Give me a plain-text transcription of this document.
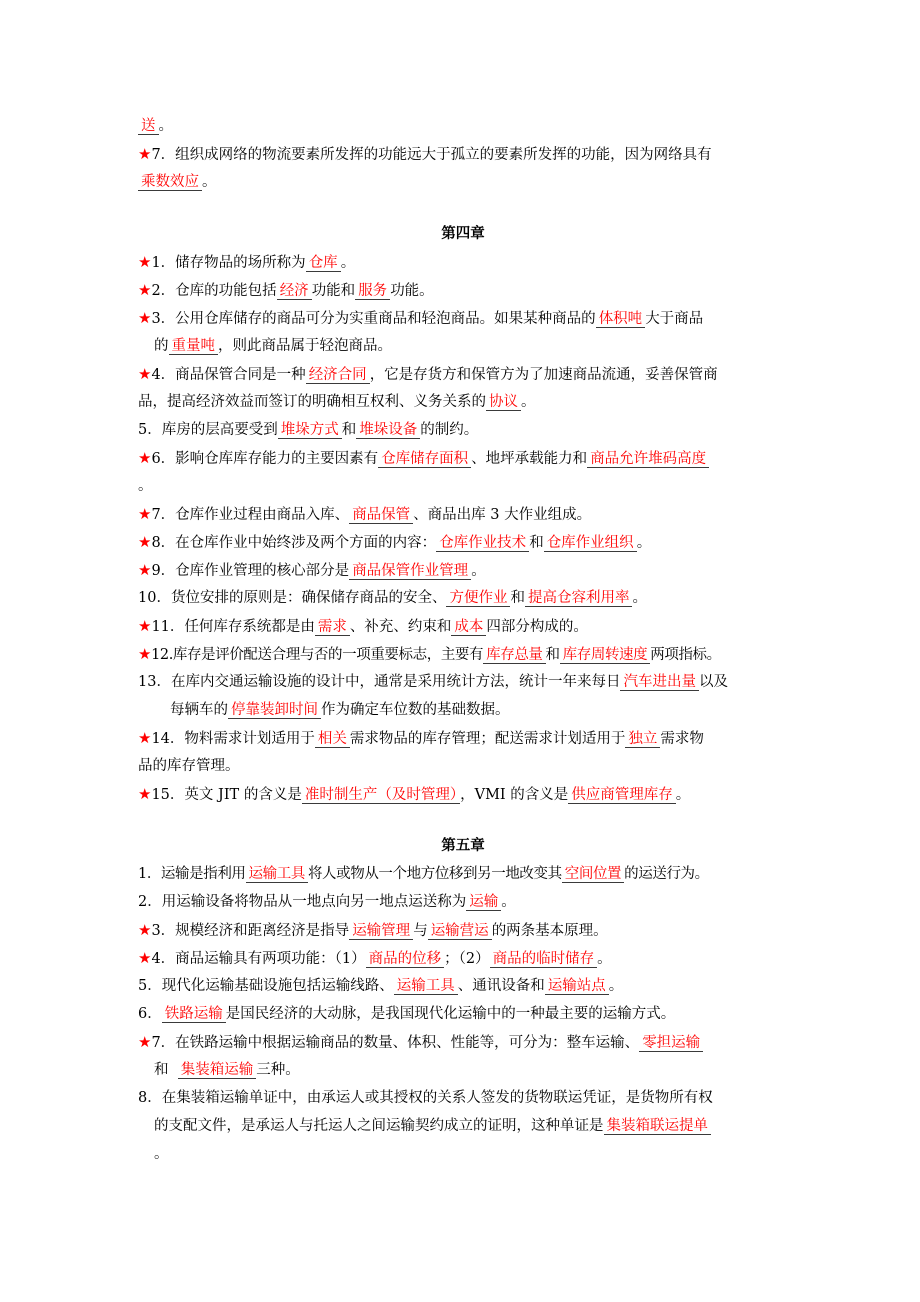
送 。
★7．组织成网络的物流要素所发挥的功能远大于孤立的要素所发挥的功能，因为网络具有
乘数效应 。
第四章
★1．储存物品的场所称为 仓库 。
★2．仓库的功能包括 经济 功能和 服务 功能。
★3．公用仓库储存的商品可分为实重商品和轻泡商品。如果某种商品的 体积吨 大于商品
的 重量吨 ，则此商品属于轻泡商品。
★4．商品保管合同是一种 经济合同 ，它是存货方和保管方为了加速商品流通，妥善保管商
品，提高经济效益而签订的明确相互权利、义务关系的 协议 。
5．库房的层高要受到 堆垛方式 和 堆垛设备 的制约。
★6．影响仓库库存能力的主要因素有 仓库储存面积 、地坪承载能力和 商品允许堆码高度
。
★7．仓库作业过程由商品入库、 商品保管 、商品出库 3 大作业组成。
★8．在仓库作业中始终涉及两个方面的内容： 仓库作业技术 和 仓库作业组织 。
★9．仓库作业管理的核心部分是 商品保管作业管理 。
10．货位安排的原则是：确保储存商品的安全、 方便作业 和 提高仓容利用率 。
★11．任何库存系统都是由 需求 、补充、约束和 成本 四部分构成的。
★12.库存是评价配送合理与否的一项重要标志，主要有 库存总量 和 库存周转速度 两项指标。
13．在库内交通运输设施的设计中，通常是采用统计方法，统计一年来每日 汽车进出量 以及
每辆车的 停靠装卸时间 作为确定车位数的基础数据。
★14．物料需求计划适用于 相关 需求物品的库存管理；配送需求计划适用于 独立 需求物
品的库存管理。
★15．英文 JIT 的含义是 准时制生产（及时管理） ，VMI 的含义是 供应商管理库存 。
第五章
1．运输是指利用 运输工具 将人或物从一个地方位移到另一地改变其 空间位置 的运送行为。
2．用运输设备将物品从一地点向另一地点运送称为 运输 。
★3．规模经济和距离经济是指导 运输管理 与 运输营运 的两条基本原理。
★4．商品运输具有两项功能：（1） 商品的位移 ；（2） 商品的临时储存 。
5．现代化运输基础设施包括运输线路、 运输工具 、通讯设备和 运输站点 。
6． 铁路运输 是国民经济的大动脉，是我国现代化运输中的一种最主要的运输方式。
★7．在铁路运输中根据运输商品的数量、体积、性能等，可分为：整车运输、 零担运输
和 集装箱运输 三种。
8．在集装箱运输单证中，由承运人或其授权的关系人签发的货物联运凭证，是货物所有权
的支配文件，是承运人与托运人之间运输契约成立的证明，这种单证是 集装箱联运提单
。
